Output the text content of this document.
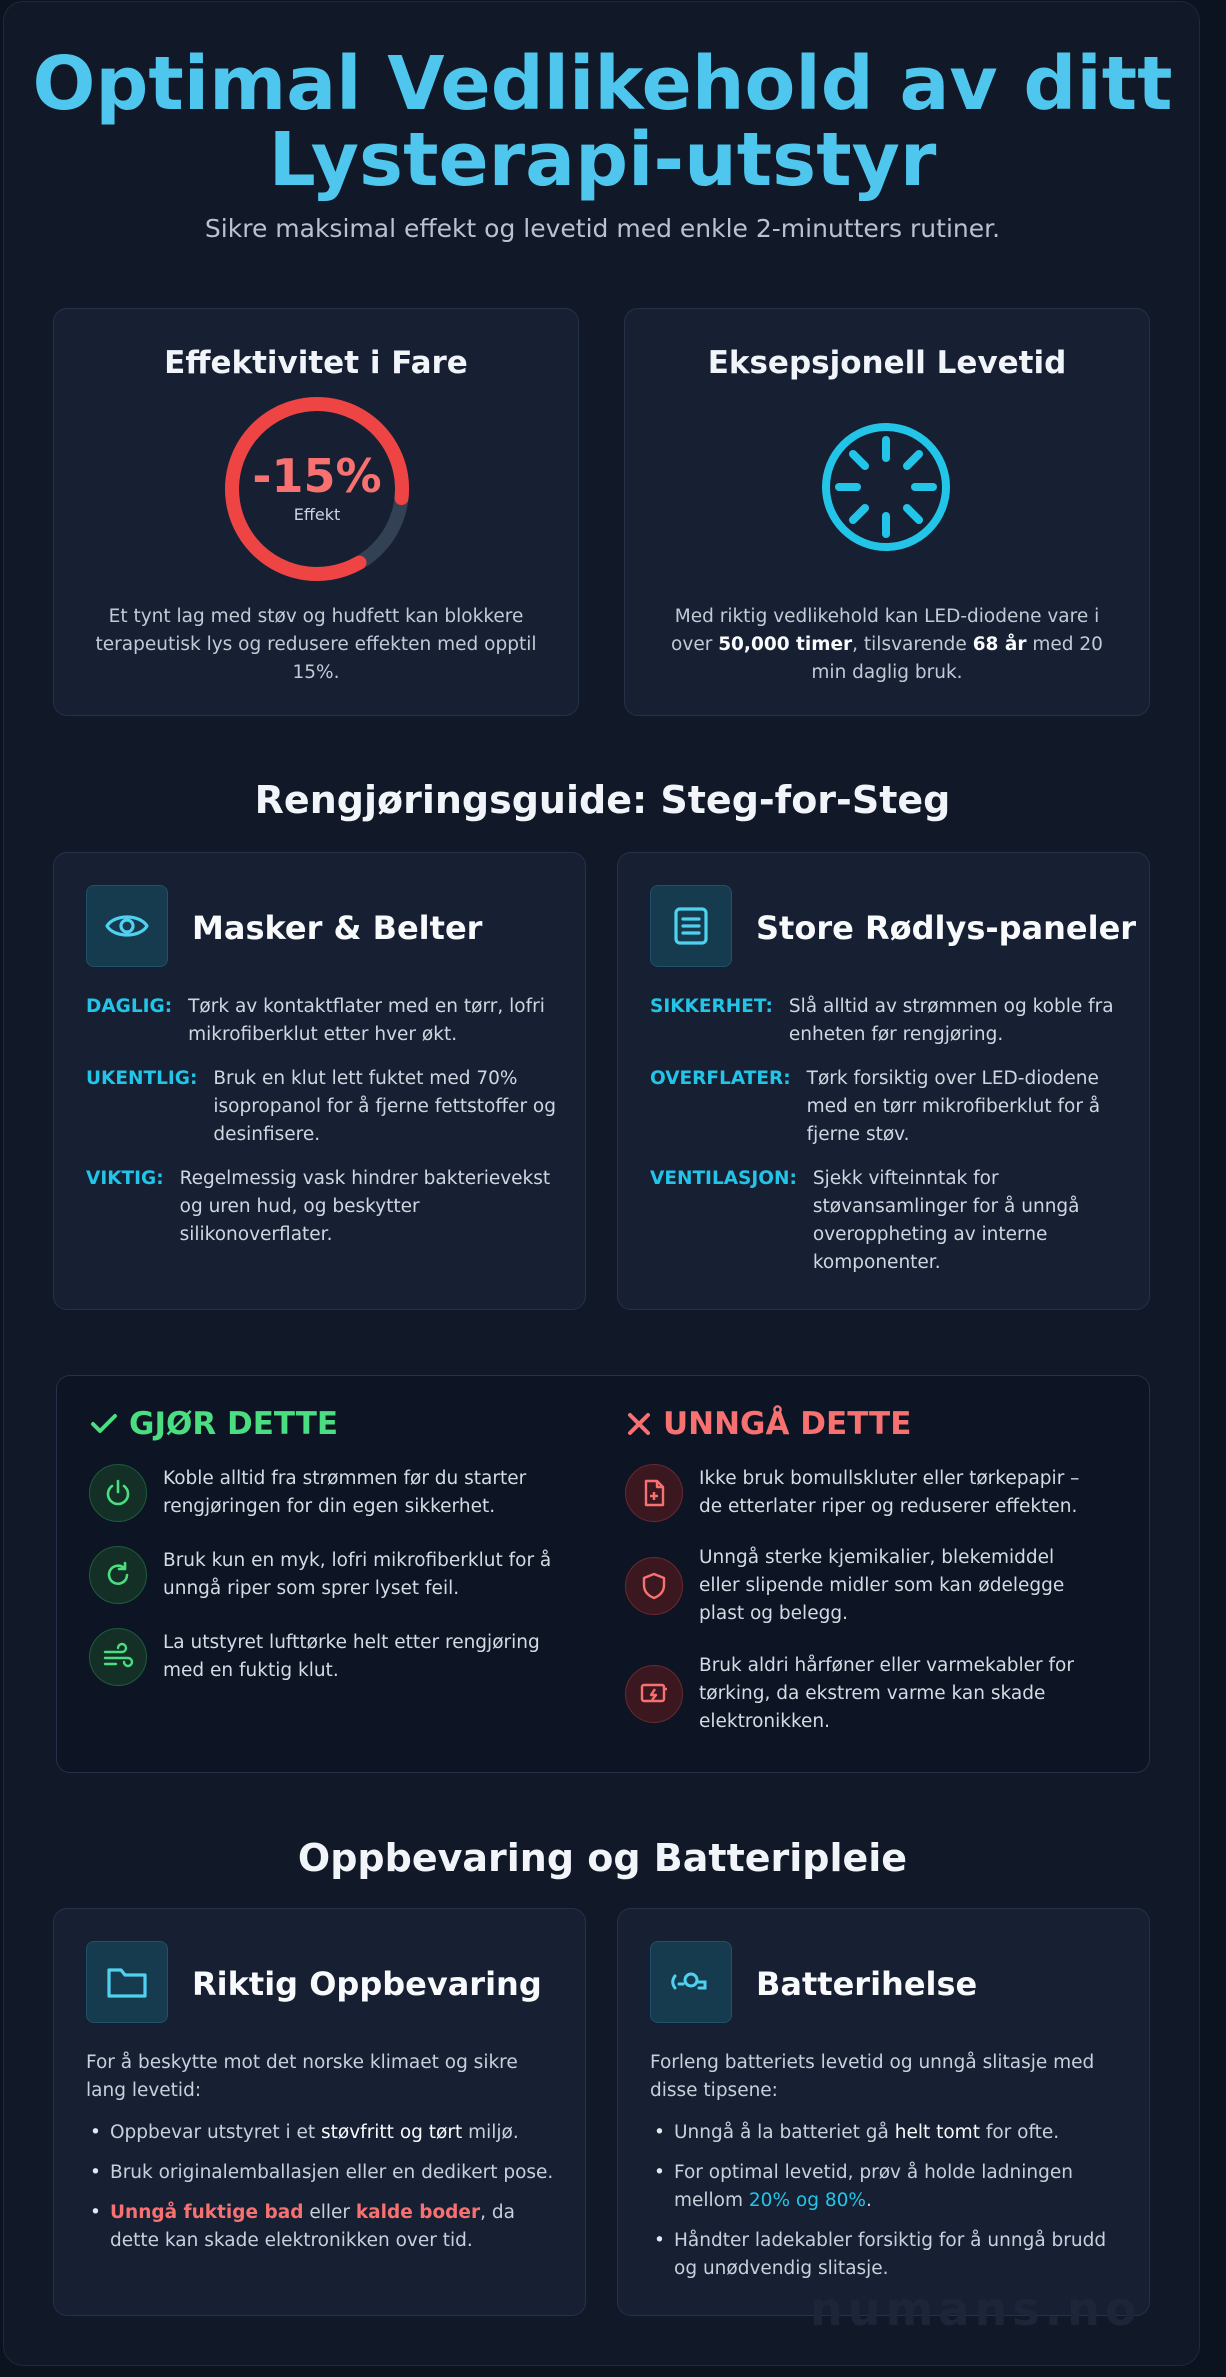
Optimal Vedlikehold av ditt
Lysterapi-utstyr
Sikre maksimal effekt og levetid med enkle 2-minutters rutiner.
Effektivitet i Fare
-15%
Effekt
Et tynt lag med støv og hudfett kan blokkere terapeutisk lys og redusere effekten med opptil 15%.
Eksepsjonell Levetid
Med riktig vedlikehold kan LED-diodene vare i over 50,000 timer, tilsvarende 68 år med 20 min daglig bruk.
Rengjøringsguide: Steg-for-Steg
Masker & Belter
DAGLIG: Tørk av kontaktflater med en tørr, lofri mikrofiberklut etter hver økt.
UKENTLIG: Bruk en klut lett fuktet med 70% isopropanol for å fjerne fettstoffer og desinfisere.
VIKTIG: Regelmessig vask hindrer bakterievekst og uren hud, og beskytter silikonoverflater.
Store Rødlys-paneler
SIKKERHET: Slå alltid av strømmen og koble fra enheten før rengjøring.
OVERFLATER: Tørk forsiktig over LED-diodene med en tørr mikrofiberklut for å fjerne støv.
VENTILASJON: Sjekk vifteinntak for støvansamlinger for å unngå overoppheting av interne komponenter.
GJØR DETTE	UNNGÅ DETTE
Koble alltid fra strømmen før du starter rengjøringen for din egen sikkerhet.
Bruk kun en myk, lofri mikrofiberklut for å unngå riper som sprer lyset feil.
La utstyret lufttørke helt etter rengjøring med en fuktig klut.
Ikke bruk bomullskluter eller tørkepapir – de etterlater riper og reduserer effekten.
Unngå sterke kjemikalier, blekemiddel eller slipende midler som kan ødelegge plast og belegg.
Bruk aldri hårføner eller varmekabler for tørking, da ekstrem varme kan skade elektronikken.
Oppbevaring og Batteripleie
Riktig Oppbevaring
For å beskytte mot det norske klimaet og sikre lang levetid:
• Oppbevar utstyret i et støvfritt og tørt miljø.
• Bruk originalemballasjen eller en dedikert pose.
• Unngå fuktige bad eller kalde boder, da dette kan skade elektronikken over tid.
Batterihelse
Forleng batteriets levetid og unngå slitasje med disse tipsene:
• Unngå å la batteriet gå helt tomt for ofte.
• For optimal levetid, prøv å holde ladningen mellom 20% og 80%.
• Håndter ladekabler forsiktig for å unngå brudd og unødvendig slitasje.
numans.no
